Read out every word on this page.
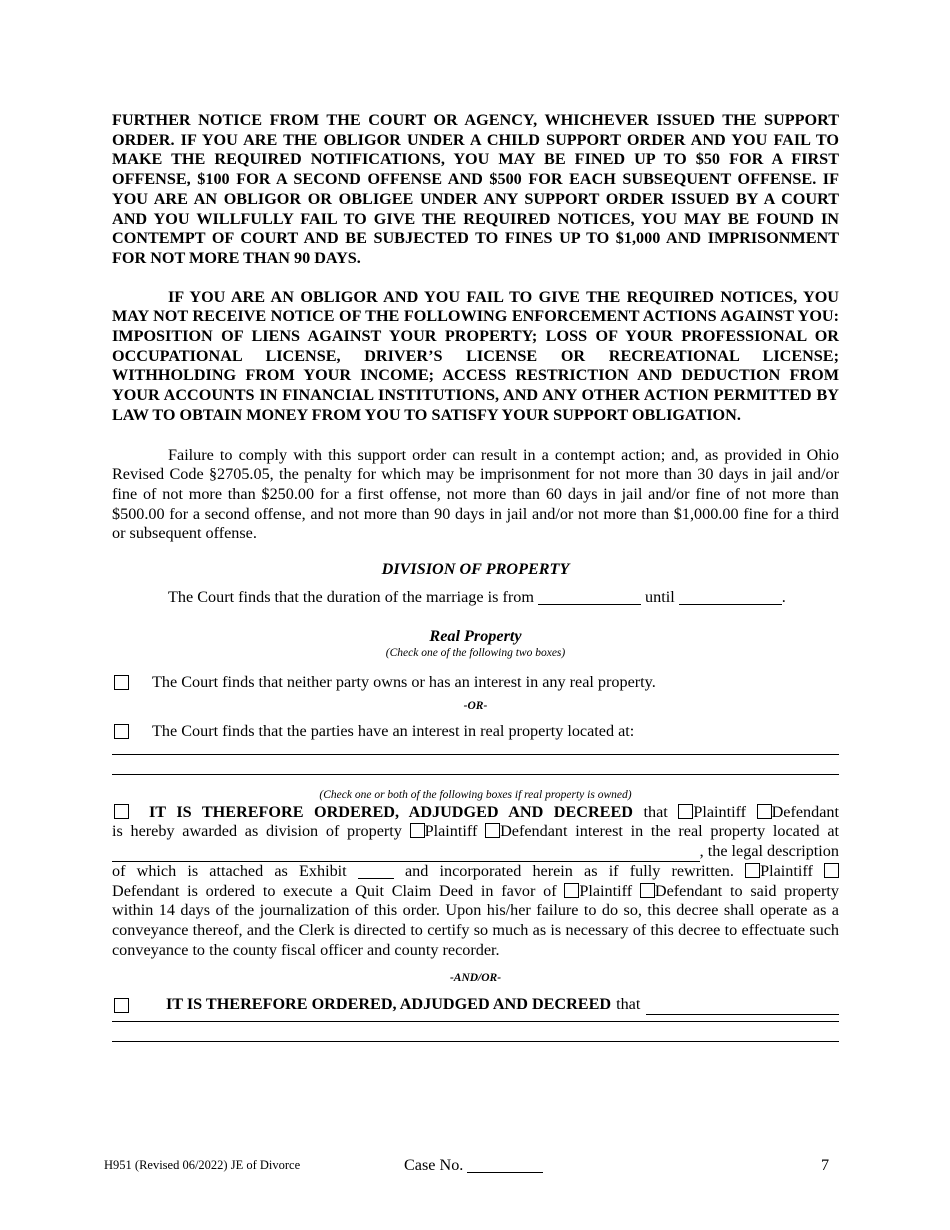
FURTHER NOTICE FROM THE COURT OR AGENCY, WHICHEVER ISSUED THE SUPPORT ORDER. IF YOU ARE THE OBLIGOR UNDER A CHILD SUPPORT ORDER AND YOU FAIL TO MAKE THE REQUIRED NOTIFICATIONS, YOU MAY BE FINED UP TO $50 FOR A FIRST OFFENSE, $100 FOR A SECOND OFFENSE AND $500 FOR EACH SUBSEQUENT OFFENSE. IF YOU ARE AN OBLIGOR OR OBLIGEE UNDER ANY SUPPORT ORDER ISSUED BY A COURT AND YOU WILLFULLY FAIL TO GIVE THE REQUIRED NOTICES, YOU MAY BE FOUND IN CONTEMPT OF COURT AND BE SUBJECTED TO FINES UP TO $1,000 AND IMPRISONMENT FOR NOT MORE THAN 90 DAYS.

IF YOU ARE AN OBLIGOR AND YOU FAIL TO GIVE THE REQUIRED NOTICES, YOU MAY NOT RECEIVE NOTICE OF THE FOLLOWING ENFORCEMENT ACTIONS AGAINST YOU: IMPOSITION OF LIENS AGAINST YOUR PROPERTY; LOSS OF YOUR PROFESSIONAL OR OCCUPATIONAL LICENSE, DRIVER’S LICENSE OR RECREATIONAL LICENSE; WITHHOLDING FROM YOUR INCOME; ACCESS RESTRICTION AND DEDUCTION FROM YOUR ACCOUNTS IN FINANCIAL INSTITUTIONS, AND ANY OTHER ACTION PERMITTED BY LAW TO OBTAIN MONEY FROM YOU TO SATISFY YOUR SUPPORT OBLIGATION.

Failure to comply with this support order can result in a contempt action; and, as provided in Ohio Revised Code §2705.05, the penalty for which may be imprisonment for not more than 30 days in jail and/or fine of not more than $250.00 for a first offense, not more than 60 days in jail and/or fine of not more than $500.00 for a second offense, and not more than 90 days in jail and/or not more than $1,000.00 fine for a third or subsequent offense.

DIVISION OF PROPERTY

The Court finds that the duration of the marriage is from	until	.

Real Property

(Check one of the following two boxes)

The Court finds that neither party owns or has an interest in any real property.

-OR-

The Court finds that the parties have an interest in real property located at:

(Check one or both of the following boxes if real property is owned)

IT IS THEREFORE ORDERED, ADJUDGED AND DECREED that Plaintiff Defendant
is hereby awarded as division of property Plaintiff Defendant interest in the real property located at
, the legal description
of which is attached as Exhibit	and incorporated herein as if fully rewritten. Plaintiff
Defendant is ordered to execute a Quit Claim Deed in favor of Plaintiff Defendant to said property
within 14 days of the journalization of this order. Upon his/her failure to do so, this decree shall operate as a conveyance thereof, and the Clerk is directed to certify so much as is necessary of this decree to effectuate such conveyance to the county fiscal officer and county recorder.

-AND/OR-

IT IS THEREFORE ORDERED, ADJUDGED AND DECREED that
H951 (Revised 06/2022) JE of Divorce	Case No.	7
